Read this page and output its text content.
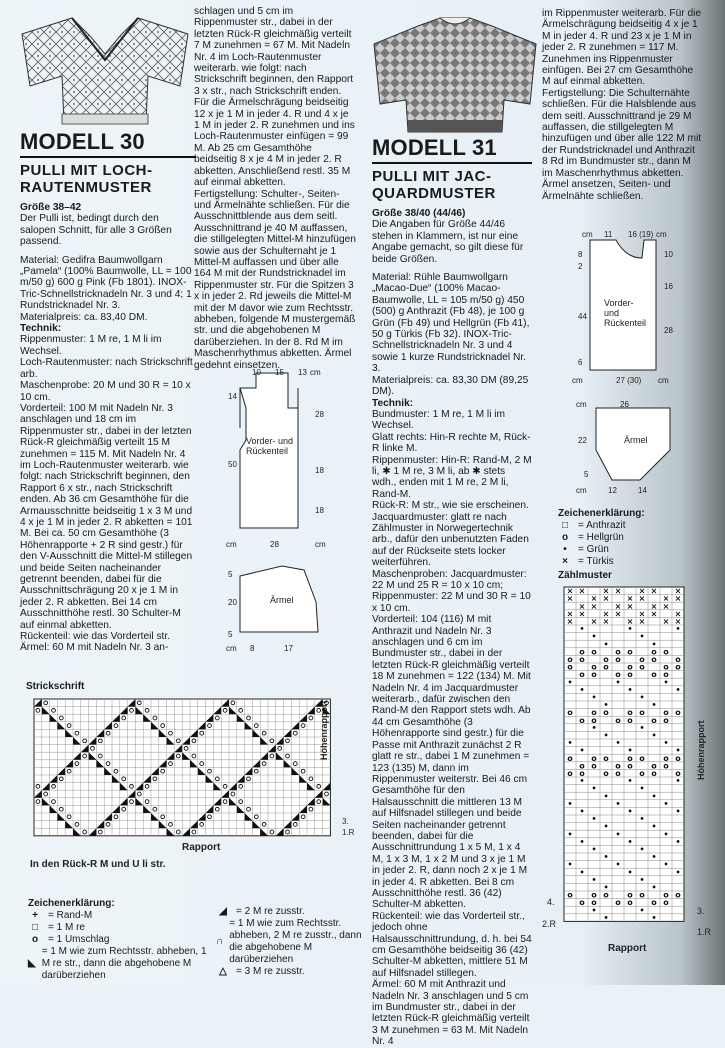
MODELL 30
PULLI MIT LOCH-
RAUTENMUSTER

Größe 38–42

Der Pulli ist, bedingt durch den salopen Schnitt, für alle 3 Größen passend.

Material: Gedifra Baumwollgarn „Pamela“ (100% Baumwolle, LL = 100 m/50 g) 600 g Pink (Fb 1801). INOX-Tric-Schnellstricknadeln Nr. 3 und 4; 1 Rundstricknadel Nr. 3.

Materialpreis: ca. 83,40 DM.

Technik:

Rippenmuster: 1 M re, 1 M li im Wechsel.

Loch-Rautenmuster: nach Strickschrift arb.

Maschenprobe: 20 M und 30 R = 10 x 10 cm.

Vorderteil: 100 M mit Nadeln Nr. 3 anschlagen und 18 cm im Rippenmuster str., dabei in der letzten Rück-R gleichmäßig verteilt 15 M zunehmen = 115 M. Mit Nadeln Nr. 4 im Loch-Rautenmuster weiterarb. wie folgt: nach Strickschrift beginnen, den Rapport 6 x str., nach Strickschrift enden. Ab 36 cm Gesamthöhe für die Armausschnitte beidseitig 1 x 3 M und 4 x je 1 M in jeder 2. R abketten = 101 M. Bei ca. 50 cm Gesamthöhe (3 Höhenrapporte + 2 R sind gestr.) für den V-Ausschnitt die Mittel-M stillegen und beide Seiten nacheinander getrennt beenden, dabei für die Ausschnittschrägung 20 x je 1 M in jeder 2. R abketten. Bei 14 cm Ausschnitthöhe restl. 30 Schulter-M auf einmal abketten.

Rückenteil: wie das Vorderteil str.

Ärmel: 60 M mit Nadeln Nr. 3 an-

schlagen und 5 cm im Rippenmuster str., dabei in der letzten Rück-R gleichmäßig verteilt 7 M zunehmen = 67 M. Mit Nadeln Nr. 4 im Loch-Rautenmuster weiterarb. wie folgt: nach Strickschrift beginnen, den Rapport 3 x str., nach Strickschrift enden. Für die Ärmelschrägung beidseitig 12 x je 1 M in jeder 4. R und 4 x je 1 M in jeder 2. R zunehmen und ins Loch-Rautenmuster einfügen = 99 M. Ab 25 cm Gesamthöhe beidseitig 8 x je 4 M in jeder 2. R abketten. Anschließend restl. 35 M auf einmal abketten.

Fertigstellung: Schulter-, Seiten- und Ärmelnähte schließen. Für die Ausschnittblende aus dem seitl. Ausschnittrand je 40 M auffassen, die stillgelegten Mittel-M hinzufügen sowie aus der Schulternaht je 1 Mittel-M auffassen und über alle 164 M mit der Rundstricknadel im Rippenmuster str. Für die Spitzen 3 x in jeder 2. Rd jeweils die Mittel-M mit der M davor wie zum Rechtsstr. abheben, folgende M mustergemäß str. und die abgehobenen M darüberziehen. In der 8. Rd M im Maschenrhythmus abketten. Ärmel gedehnt einsetzen.

Vorder- und Rückenteil
10 15 13 cm
14
28
18
18
50
cm	28	cm
Ärmel
5
20
5
cm 8	17
Strickschrift
Höhenrapport
3.
1.R
Rapport
In den Rück-R M und U li str.
Zeichenerklärung:
+	= Rand-M
□ = 1 M re
o = 1 Umschlag
◣
= 1 M wie zum Rechtsstr. abheben, 1 M re str., dann die abgehobene M darüberziehen
◢ = 2 M re zusstr.
∩
= 1 M wie zum Rechtsstr. abheben, 2 M re zusstr., dann die abgehobene M darüberziehen
△ = 3 M re zusstr.
MODELL 31
PULLI MIT JAC-
QUARDMUSTER

Größe 38/40 (44/46)

Die Angaben für Größe 44/46 stehen in Klammern, ist nur eine Angabe gemacht, so gilt diese für beide Größen.

Material: Rühle Baumwollgarn „Macao-Due“ (100% Macao-Baumwolle, LL = 105 m/50 g) 450 (500) g Anthrazit (Fb 48), je 100 g Grün (Fb 49) und Hellgrün (Fb 41), 50 g Türkis (Fb 32). INOX-Tric-Schnellstricknadeln Nr. 3 und 4 sowie 1 kurze Rundstricknadel Nr. 3.

Materialpreis: ca. 83,30 DM (89,25 DM).

Technik:

Bundmuster: 1 M re, 1 M li im Wechsel.

Glatt rechts: Hin-R rechte M, Rück-R linke M.

Rippenmuster: Hin-R: Rand-M, 2 M li, ✱ 1 M re, 3 M li, ab ✱ stets wdh., enden mit 1 M re, 2 M li, Rand-M.

Rück-R: M str., wie sie erscheinen.

Jacquardmuster: glatt re nach Zählmuster in Norwegertechnik arb., dafür den unbenutzten Faden auf der Rückseite stets locker weiterführen.

Maschenproben: Jacquardmuster: 22 M und 25 R = 10 x 10 cm; Rippenmuster: 22 M und 30 R = 10 x 10 cm.

Vorderteil: 104 (116) M mit Anthrazit und Nadeln Nr. 3 anschlagen und 6 cm im Bundmuster str., dabei in der letzten Rück-R gleichmäßig verteilt 18 M zunehmen = 122 (134) M. Mit Nadeln Nr. 4 im Jacquardmuster weiterarb., dafür zwischen den Rand-M den Rapport stets wdh. Ab 44 cm Gesamthöhe (3 Höhenrapporte sind gestr.) für die Passe mit Anthrazit zunächst 2 R glatt re str., dabei 1 M zunehmen = 123 (135) M, dann im Rippenmuster weiterstr. Bei 46 cm Gesamthöhe für den Halsausschnitt die mittleren 13 M auf Hilfsnadel stillegen und beide Seiten nacheinander getrennt beenden, dabei für die Ausschnittrundung 1 x 5 M, 1 x 4 M, 1 x 3 M, 1 x 2 M und 3 x je 1 M in jeder 2. R, dann noch 2 x je 1 M in jeder 4. R abketten. Bei 8 cm Ausschnitthöhe restl. 36 (42) Schulter-M abketten.

Rückenteil: wie das Vorderteil str., jedoch ohne Halsausschnittrundung, d. h. bei 54 cm Gesamthöhe beidseitig 36 (42) Schulter-M abketten, mittlere 51 M auf Hilfsnadel stillegen.

Ärmel: 60 M mit Anthrazit und Nadeln Nr. 3 anschlagen und 5 cm im Bundmuster str., dabei in der letzten Rück-R gleichmäßig verteilt 3 M zunehmen = 63 M. Mit Nadeln Nr. 4

im Rippenmuster weiterarb. Für die Ärmelschrägung beidseitig 4 x je 1 M in jeder 4. R und 23 x je 1 M in jeder 2. R zunehmen = 117 M. Zunehmen ins Rippenmuster einfügen. Bei 27 cm Gesamthöhe M auf einmal abketten.

Fertigstellung: Die Schulternähte schließen. Für die Halsblende aus dem seitl. Ausschnittrand je 29 M auffassen, die stillgelegten M hinzufügen und über alle 122 M mit der Rundstricknadel und Anthrazit 8 Rd im Bundmuster str., dann M im Maschenrhythmus abketten. Ärmel ansetzen, Seiten- und Ärmelnähte schließen.

Vorder- und Rückenteil
cm 11 16 (19) cm
10
16
28
8
2
44
6
cm	27 (30) cm
Ärmel
cm	26
22
5
cm	12	14
Zeichenerklärung:
□ = Anthrazit
o = Hellgrün
•	= Grün
×	= Türkis
Zählmuster
× × × × × × ×
× × × × × × ×
× × × × × ×
× × × × × × ×
× × × × × × ×
•	•	•
•	•
•	•
o o o o o o
o o o o o o o
o o o o o o o
o o o o o o
•	•	•
•	•	•
•	•
•	•
o o o o o o o
o o o o o o
•	•
•	•
•	•	•
•	•	•
o o o o o o o
o o o o o o
o o o o o o o
•	•	•
•	•
•	•
•	•	•
•	•	•
•	•
•	•
•	•	•
•	•	•
•	•
•	•
•	•	•
•	•	•
•	•
•	•
o o o o o o o
o o o o o o
•	•
•	•
Höhenrapport
4.
2.R
3.
1.R
Rapport
